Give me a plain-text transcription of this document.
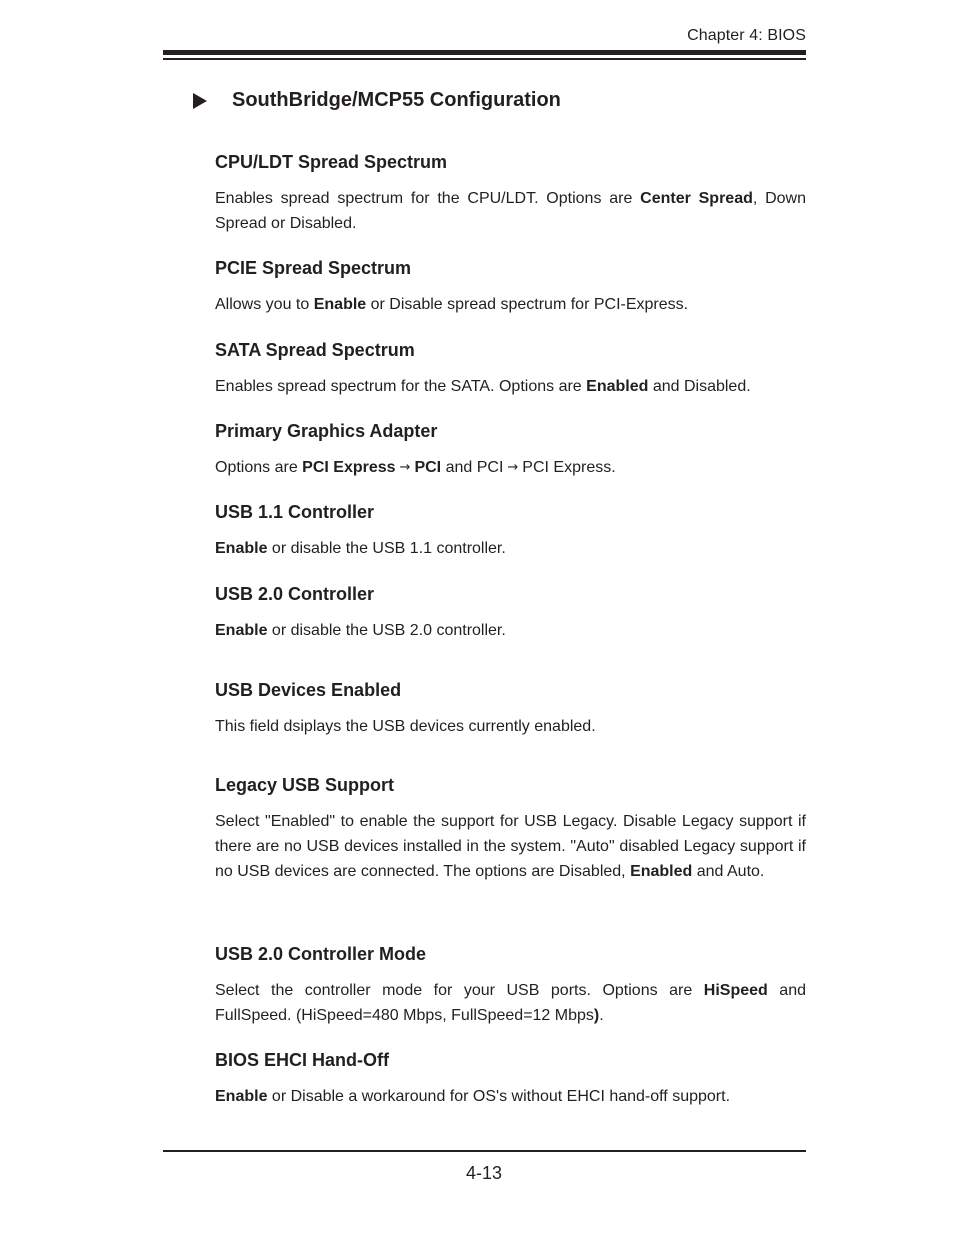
Chapter 4: BIOS
SouthBridge/MCP55 Configuration
CPU/LDT Spread Spectrum

Enables spread spectrum for the CPU/LDT. Options are Center Spread, Down Spread or Disabled.

PCIE Spread Spectrum

Allows you to Enable or Disable spread spectrum for PCI-Express.

SATA Spread Spectrum

Enables spread spectrum for the SATA. Options are Enabled and Disabled.

Primary Graphics Adapter

Options are PCI Express → PCI and PCI → PCI Express.

USB 1.1 Controller

Enable or disable the USB 1.1 controller.

USB 2.0 Controller

Enable or disable the USB 2.0 controller.

USB Devices Enabled

This field dsiplays the USB devices currently enabled.

Legacy USB Support

Select "Enabled" to enable the support for USB Legacy. Disable Legacy support if there are no USB devices installed in the system. "Auto" disabled Legacy support if no USB devices are connected. The options are Disabled, Enabled and Auto.

USB 2.0 Controller Mode

Select the controller mode for your USB ports. Options are HiSpeed and FullSpeed. (HiSpeed=480 Mbps, FullSpeed=12 Mbps).

BIOS EHCI Hand-Off

Enable or Disable a workaround for OS's without EHCI hand-off support.

4-13
